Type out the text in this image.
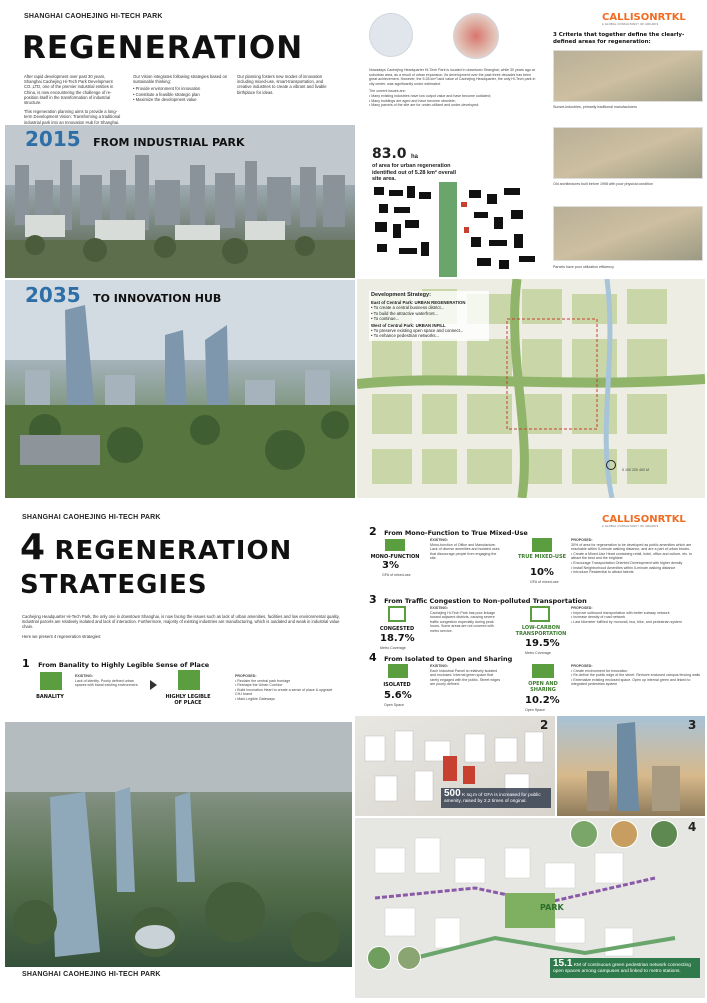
SHANGHAI CAOHEJING HI-TECH PARK
REGENERATION
After rapid development over past 30 years, Shanghai Caohejing Hi-Tech Park Development CO.,LTD, one of the premier industrial entities in China, is now encountering the challenge of re-position itself in the transformation of industrial structure.
This regeneration planning aims to provide a long-term Development Vision: Transforming a traditional industrial park into an Innovation Hub for Shanghai.
Our Vision integrates following strategies based on sustainable thinking:
• Provide environment for innovation
• Constitute a feasible strategic plan
• Maximize the development value
Our planning fosters new modes of innovation including mixed-use, smart-transportation, and creative industries to create a vibrant and livable birthplace for ideas.
2015 FROM INDUSTRIAL PARK
2035 TO INNOVATION HUB
CALLISONRTKL
A GLOBAL CONSULTANCY OF ARCADIS
Nowadays Caohejing Headquarter Hi-Tech Park is located in downtown Shanghai, while 30 years ago at suburban area, as a result of urban expansion. Its development over the past three decades has been great achievement. However, the 5.28 km² land value of Caohejing Headquarter, the only Hi-Tech park in city center, was significantly under estimated.
The current issues are:
• Many existing industries have low output value and have become outdated;
• Many buildings are aged and have become obsolete;
• Many parcels of the site are for under-utilized and under-developed;
83.0 ha
of area for urban regeneration identified out of 5.28 km² overall site area.
3 Criteria that together define the clearly-defined areas for regeneration:
Sunset-industries, primarily traditional manufacturers
Old architectures built before 1998 with poor physical condition
Parcels have poor utilization efficiency
Development Strategy:
East of Central Park: URBAN REGENERATION
• To create a central business district...
• To build the attractive waterfront...
• To continue...
West of Central Park: URBAN INFILL
• To preserve existing open space and connect...
• To enhance pedestrian networks...
0 100 200 400 M
SHANGHAI CAOHEJING HI-TECH PARK
4 REGENERATION
STRATEGIES
Caohejing Headquarter Hi-Tech Park, the only one in downtown Shanghai, is now facing the issues such as lack of urban amenities, facilities and low environmental quality, industrial parcels are relatively isolated and lack of interaction. Furthermore, majority of existing industries are manufacturing, which is outdated and weak in industrial value chain.
Here we present 4 regeneration strategies:
1 From Banality to Highly Legible Sense of Place
BANALITY
EXISTING:
Lack of identity. Poorly defined urban spaces with banal existing environment.
HIGHLY LEGIBLE OF PLACE
PROPOSED:
• Reclaim the central park frontage
• Reshape the Urban Corridor
• Build Innovation Heart to create a sense of place & upgrade CHJ brand
• Mark Legible Gateways
SHANGHAI CAOHEJING HI-TECH PARK
CALLISONRTKL
A GLOBAL CONSULTANCY OF ARCADIS
2 From Mono-Function to True Mixed-Use
MONO-FUNCTION
3%
GFA of mixed-use
EXISTING:
Mono-function of Office and Manufacture. Lack of diverse amenities and isolated uses that discourage people from engaging the site.	TRUE MIXED-USE
10%
GFA of mixed-use
PROPOSED:
30% of area for regeneration to be developed as public amenities which are reachable within 5-minute walking distance, and are a part of urban blocks.
• Create a Mixed-Use Heart containing retail, hotel, office and culture, etc. to attract the best and the brightest
• Encourage Transportation Oriented Development with higher density
• Install Neighborhood Amenities within 5-minute walking distance
• Introduce Residential to attract talents
3 From Traffic Congestion to Non-polluted Transportation
CONGESTED
18.7%
Metro Coverage
EXISTING:
Caohejing Hi-Tech Park has poor linkage toward adjacent districts, causing severe traffic congestion especially during peak hours. Some areas are not covered with metro service.	LOW-CARBON TRANSPORTATION
19.5%
Metro Coverage
PROPOSED:
• Improve outbound transportation with better subway network
• Increase density of road network
• Last kilometer fulfilled by monorail, bus, bike, and pedestrian system
4 From Isolated to Open and Sharing
ISOLATED
5.6%
Open Space
EXISTING:
Each Industrial Parcel is relatively isolated and enclosed. Internal green space that rarely engaged with the public. Street edges are poorly defined.	OPEN AND SHARING
10.2%
Open Space
PROPOSED:
• Create environment for innovation
• Re-define the public edge of the street. Remove enclosed campus fencing walls
• Externalize existing enclosed space. Open up internal green and linked to integrated pedestrian system
2
500 K sq.m of GFA is increased for public amenity, raised by 2.2 times of original.
3
PARK
4
15.1 KM of continuous green pedestrian network connecting open spaces among campuses and linked to metro stations.
